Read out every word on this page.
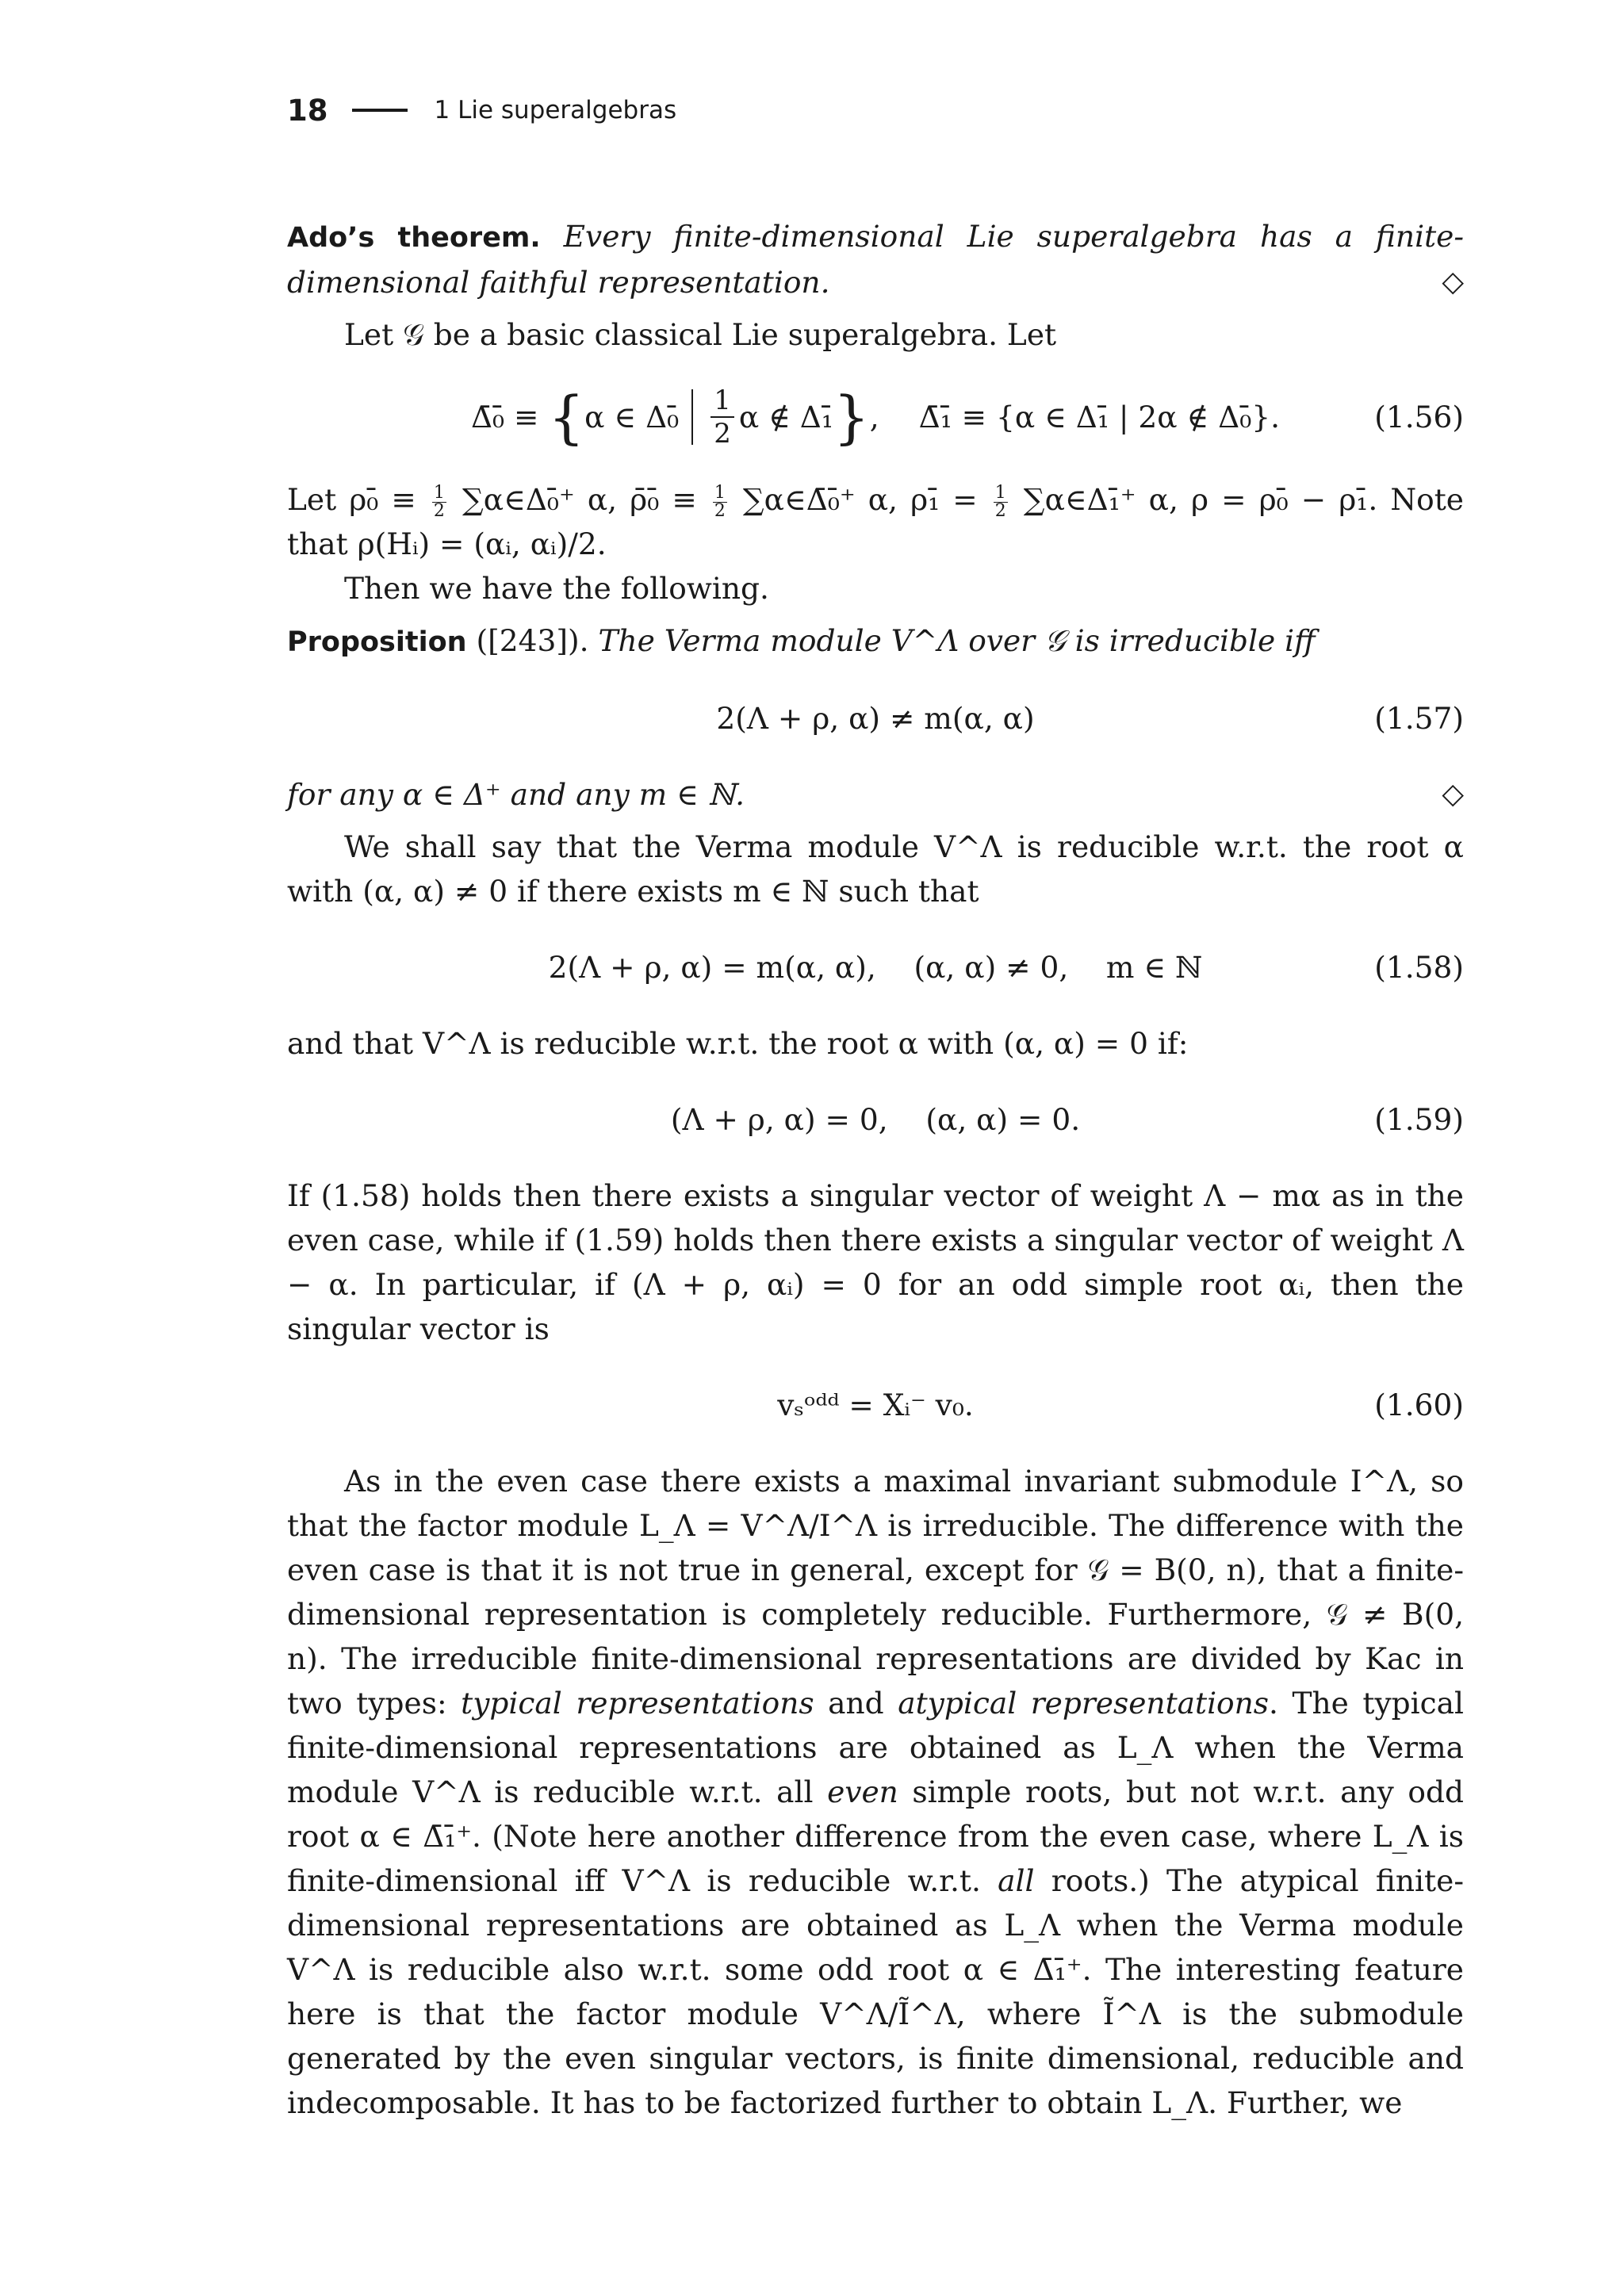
18	1 Lie superalgebras

Ado’s theorem. Every finite-dimensional Lie superalgebra has a finite-dimensional faithful representation.	◇

Let 𝒢 be a basic classical Lie superalgebra. Let

Δ̄₀̄ ≡
{ α ∈ Δ₀̄ $\frac{1}{2}$ α ∉ Δ₁̄ } , Δ̄₁̄ ≡ {α ∈ Δ₁̄ | 2α ∉ Δ₀̄}.	(1.56)

Let ρ₀̄ ≡ $\frac{1}{2}$ ∑α∈Δ₀̄⁺ α, ρ̄₀̄ ≡ $\frac{1}{2}$ ∑α∈Δ̄₀̄⁺ α, ρ₁̄ = $\frac{1}{2}$ ∑α∈Δ₁̄⁺ α, ρ = ρ₀̄ − ρ₁̄. Note that ρ(Hᵢ) = (αᵢ, αᵢ)/2.

Then we have the following.

Proposition ([243]). The Verma module V^Λ over 𝒢 is irreducible iff

2(Λ + ρ, α) ≠ m(α, α)	(1.57)

for any α ∈ Δ⁺ and any m ∈ ℕ.	◇

We shall say that the Verma module V^Λ is reducible w.r.t. the root α with (α, α) ≠ 0 if there exists m ∈ ℕ such that

2(Λ + ρ, α) = m(α, α),    (α, α) ≠ 0,    m ∈ ℕ	(1.58)

and that V^Λ is reducible w.r.t. the root α with (α, α) = 0 if:

(Λ + ρ, α) = 0,    (α, α) = 0.	(1.59)

If (1.58) holds then there exists a singular vector of weight Λ − mα as in the even case, while if (1.59) holds then there exists a singular vector of weight Λ − α. In particular, if (Λ + ρ, αᵢ) = 0 for an odd simple root αᵢ, then the singular vector is

vₛᵒᵈᵈ = Xᵢ⁻ v₀.	(1.60)

As in the even case there exists a maximal invariant submodule I^Λ, so that the factor module L_Λ = V^Λ/I^Λ is irreducible. The difference with the even case is that it is not true in general, except for 𝒢 = B(0, n), that a finite-dimensional representation is completely reducible. Furthermore, 𝒢 ≠ B(0, n). The irreducible finite-dimensional representations are divided by Kac in two types: typical representations and atypical representations. The typical finite-dimensional representations are obtained as L_Λ when the Verma module V^Λ is reducible w.r.t. all even simple roots, but not w.r.t. any odd root α ∈ Δ̄₁̄⁺. (Note here another difference from the even case, where L_Λ is finite-dimensional iff V^Λ is reducible w.r.t. all roots.) The atypical finite-dimensional representations are obtained as L_Λ when the Verma module V^Λ is reducible also w.r.t. some odd root α ∈ Δ̄₁̄⁺. The interesting feature here is that the factor module V^Λ/Ĩ^Λ, where Ĩ^Λ is the submodule generated by the even singular vectors, is finite dimensional, reducible and indecomposable. It has to be factorized further to obtain L_Λ. Further, we
